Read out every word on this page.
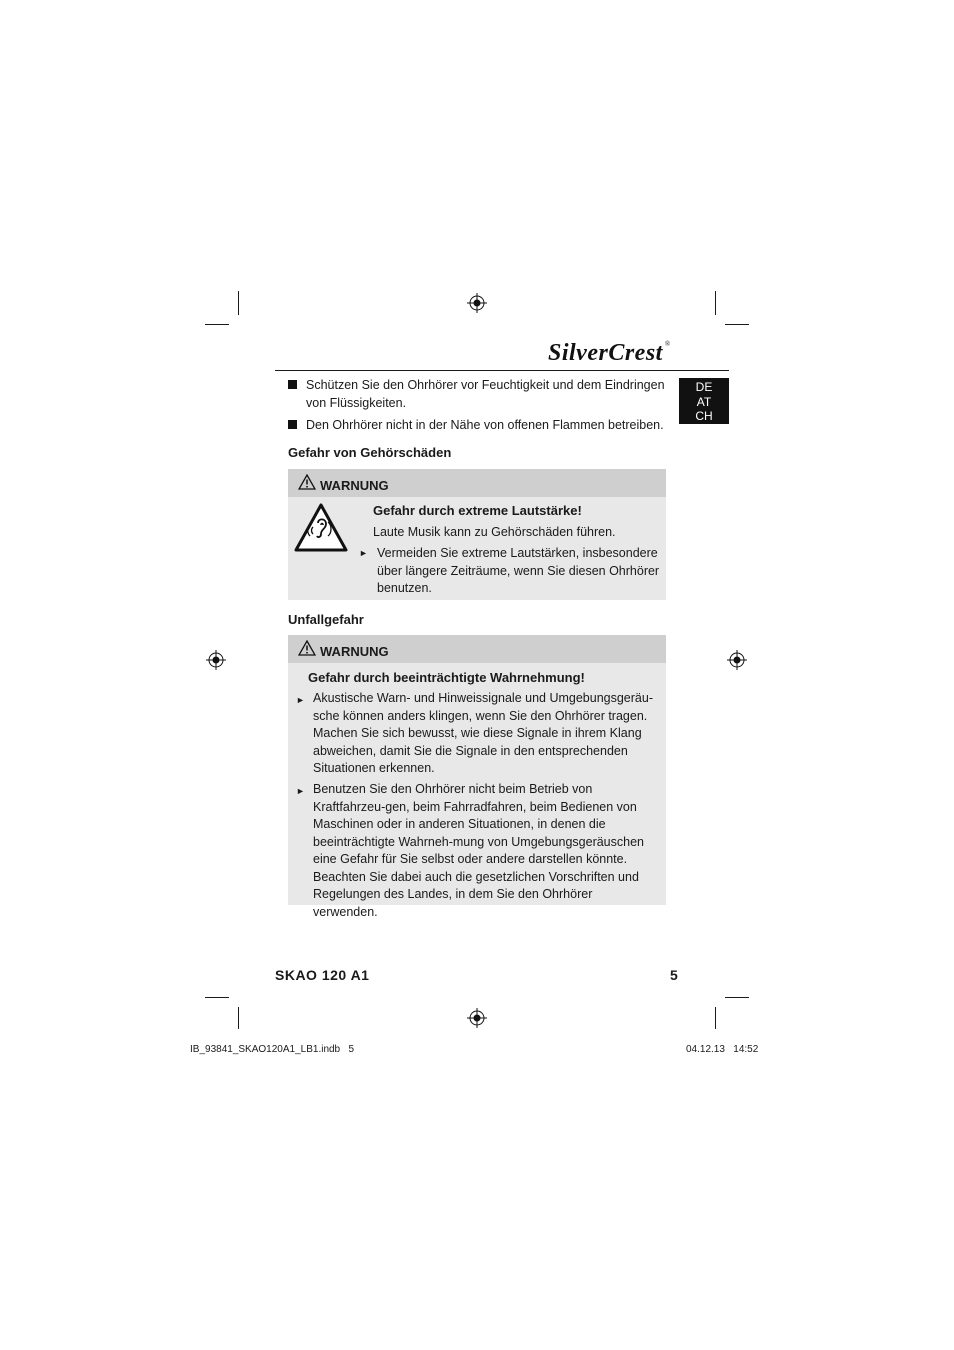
SilverCrest ®
DE
AT
CH
Schützen Sie den Ohrhörer vor Feuchtigkeit und dem Eindringen von Flüssigkeiten.
Den Ohrhörer nicht in der Nähe von offenen Flammen betreiben.
Gefahr von Gehörschäden
WARNUNG
Gefahr durch extreme Lautstärke!
Laute Musik kann zu Gehörschäden führen.
► Vermeiden Sie extreme Lautstärken, insbesondere über längere Zeiträume, wenn Sie diesen Ohrhörer benutzen.
Unfallgefahr
WARNUNG
Gefahr durch beeinträchtigte Wahrnehmung!
► Akustische Warn- und Hinweissignale und Umgebungsgeräu-sche können anders klingen, wenn Sie den Ohrhörer tragen. Machen Sie sich bewusst, wie diese Signale in ihrem Klang abweichen, damit Sie die Signale in den entsprechenden Situationen erkennen.
► Benutzen Sie den Ohrhörer nicht beim Betrieb von Kraftfahrzeu-gen, beim Fahrradfahren, beim Bedienen von Maschinen oder in anderen Situationen, in denen die beeinträchtigte Wahrneh-mung von Umgebungsgeräuschen eine Gefahr für Sie selbst oder andere darstellen könnte. Beachten Sie dabei auch die gesetzlichen Vorschriften und Regelungen des Landes, in dem Sie den Ohrhörer verwenden.
SKAO 120 A1	5
IB_93841_SKAO120A1_LB1.indb   5	04.12.13   14:52
